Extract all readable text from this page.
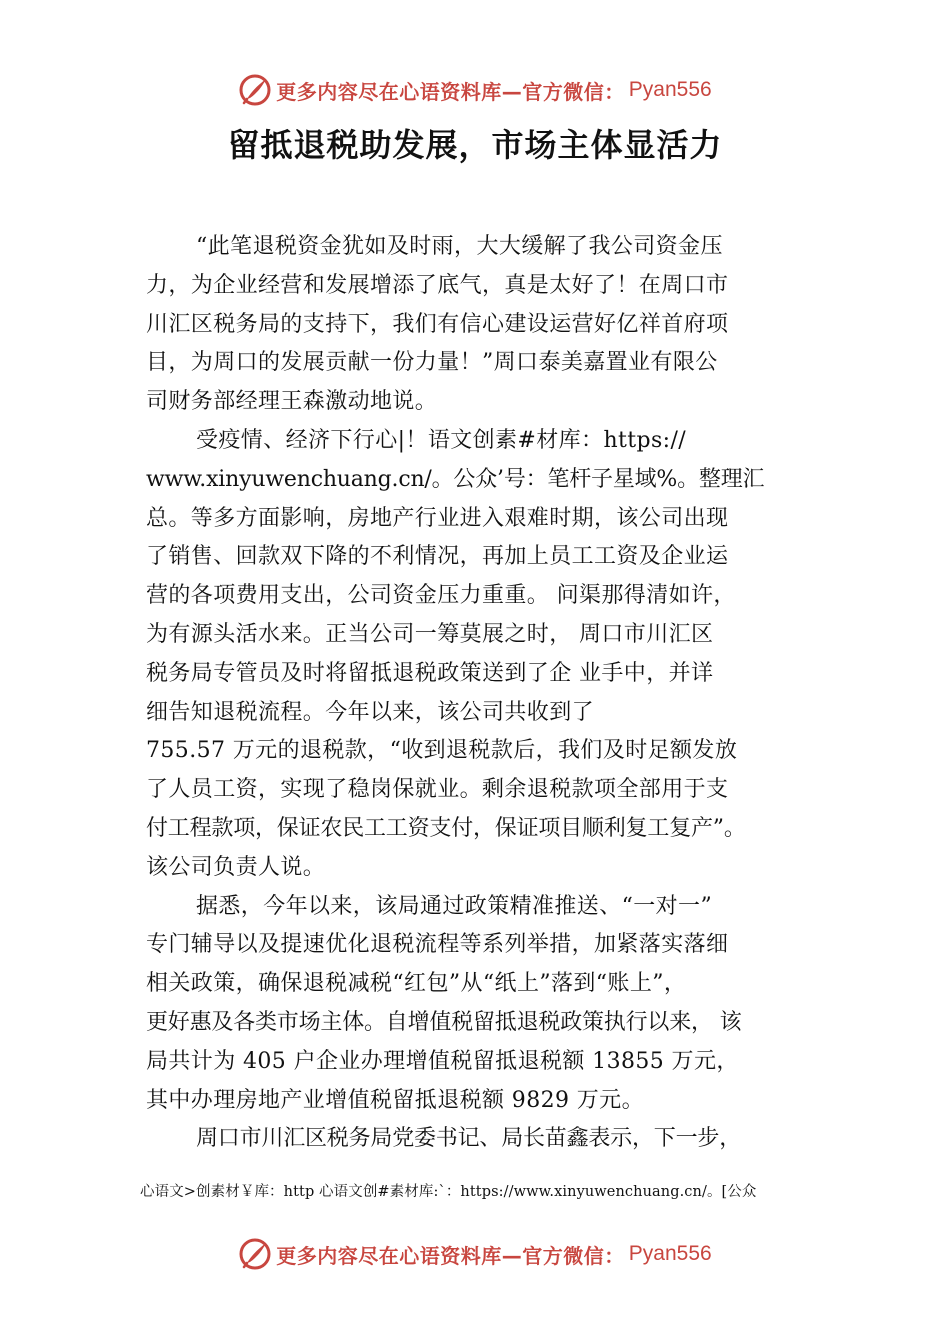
更多内容尽在心语资料库—官方微信： Pyan556
留抵退税助发展，市场主体显活力
“此笔退税资金犹如及时雨，大大缓解了我公司资金压
力，为企业经营和发展增添了底气，真是太好了！在周口市
川汇区税务局的支持下，我们有信心建设运营好亿祥首府项
目，为周口的发展贡献一份力量！”周口泰美嘉置业有限公
司财务部经理王森激动地说。
受疫情、经济下行心|！语文创素#材库：https://
www.xinyuwenchuang.cn/。公众’号：笔杆子星域%。整理汇
总。等多方面影响，房地产行业进入艰难时期，该公司出现
了销售、回款双下降的不利情况，再加上员工工资及企业运
营的各项费用支出，公司资金压力重重。 问渠那得清如许，
为有源头活水来。正当公司一筹莫展之时， 周口市川汇区
税务局专管员及时将留抵退税政策送到了企 业手中，并详
细告知退税流程。今年以来，该公司共收到了
755.57 万元的退税款，“收到退税款后，我们及时足额发放
了人员工资，实现了稳岗保就业。剩余退税款项全部用于支
付工程款项，保证农民工工资支付，保证项目顺利复工复产”。
该公司负责人说。
据悉，今年以来，该局通过政策精准推送、“一对一”
专门辅导以及提速优化退税流程等系列举措，加紧落实落细
相关政策，确保退税减税“红包”从“纸上”落到“账上”，
更好惠及各类市场主体。自增值税留抵退税政策执行以来， 该
局共计为 405 户企业办理增值税留抵退税额 13855 万元，
其中办理房地产业增值税留抵退税额 9829 万元。
周口市川汇区税务局党委书记、局长苗鑫表示，下一步，
心语文>创素材￥库：http 心语文创#素材库:`：https://www.xinyuwenchuang.cn/。[公众
更多内容尽在心语资料库—官方微信： Pyan556
